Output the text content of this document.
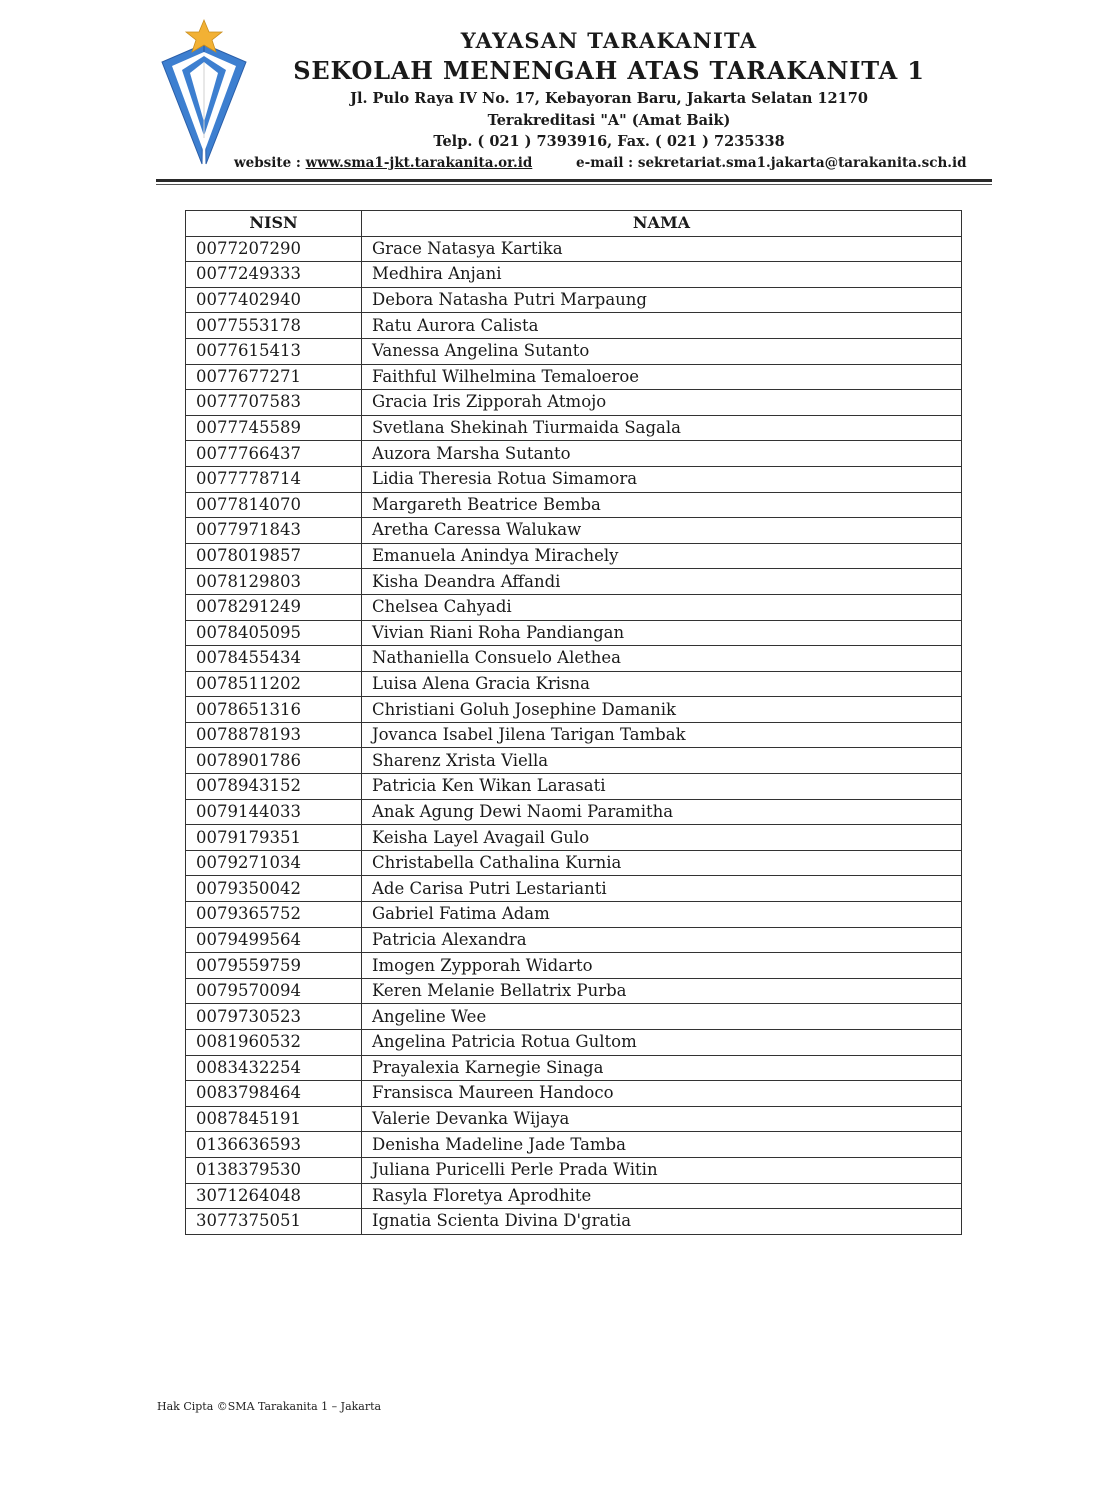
YAYASAN TARAKANITA
SEKOLAH MENENGAH ATAS TARAKANITA 1
Jl. Pulo Raya IV No. 17, Kebayoran Baru, Jakarta Selatan 12170
Terakreditasi "A" (Amat Baik)
Telp. ( 021 ) 7393916, Fax. ( 021 ) 7235338
website : www.sma1-jkt.tarakanita.or.id	e-mail : sekretariat.sma1.jakarta@tarakanita.sch.id
NISN	NAMA
0077207290	Grace Natasya Kartika
0077249333	Medhira Anjani
0077402940	Debora Natasha Putri Marpaung
0077553178	Ratu Aurora Calista
0077615413	Vanessa Angelina Sutanto
0077677271	Faithful Wilhelmina Temaloeroe
0077707583	Gracia Iris Zipporah Atmojo
0077745589	Svetlana Shekinah Tiurmaida Sagala
0077766437	Auzora Marsha Sutanto
0077778714	Lidia Theresia Rotua Simamora
0077814070	Margareth Beatrice Bemba
0077971843	Aretha Caressa Walukaw
0078019857	Emanuela Anindya Mirachely
0078129803	Kisha Deandra Affandi
0078291249	Chelsea Cahyadi
0078405095	Vivian Riani Roha Pandiangan
0078455434	Nathaniella Consuelo Alethea
0078511202	Luisa Alena Gracia Krisna
0078651316	Christiani Goluh Josephine Damanik
0078878193	Jovanca Isabel Jilena Tarigan Tambak
0078901786	Sharenz Xrista Viella
0078943152	Patricia Ken Wikan Larasati
0079144033	Anak Agung Dewi Naomi Paramitha
0079179351	Keisha Layel Avagail Gulo
0079271034	Christabella Cathalina Kurnia
0079350042	Ade Carisa Putri Lestarianti
0079365752	Gabriel Fatima Adam
0079499564	Patricia Alexandra
0079559759	Imogen Zypporah Widarto
0079570094	Keren Melanie Bellatrix Purba
0079730523	Angeline Wee
0081960532	Angelina Patricia Rotua Gultom
0083432254	Prayalexia Karnegie Sinaga
0083798464	Fransisca Maureen Handoco
0087845191	Valerie Devanka Wijaya
0136636593	Denisha Madeline Jade Tamba
0138379530	Juliana Puricelli Perle Prada Witin
3071264048	Rasyla Floretya Aprodhite
3077375051	Ignatia Scienta Divina D'gratia
Hak Cipta ©SMA Tarakanita 1 – Jakarta
